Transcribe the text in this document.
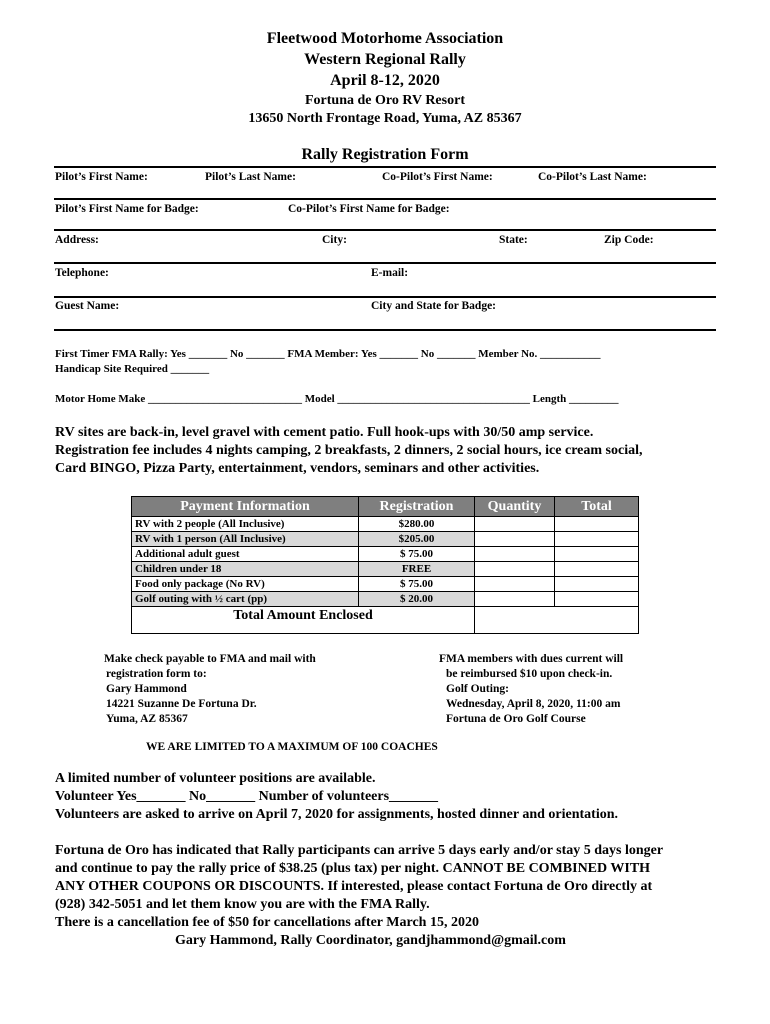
Fleetwood Motorhome Association
Western Regional Rally
April 8-12, 2020
Fortuna de Oro RV Resort
13650 North Frontage Road, Yuma, AZ 85367
Rally Registration Form
Pilot’s First Name:	Pilot’s Last Name:	Co-Pilot’s First Name:	Co-Pilot’s Last Name:
Pilot’s First Name for Badge:	Co-Pilot’s First Name for Badge:
Address:	City:	State:	Zip Code:
Telephone:	E-mail:
Guest Name:	City and State for Badge:
First Timer FMA Rally: Yes _______ No _______ FMA Member: Yes _______ No _______ Member No. ___________
Handicap Site Required _______
Motor Home Make ____________________________ Model ___________________________________ Length _________
RV sites are back-in, level gravel with cement patio. Full hook-ups with 30/50 amp service.
Registration fee includes 4 nights camping, 2 breakfasts, 2 dinners, 2 social hours, ice cream social,
Card BINGO, Pizza Party, entertainment, vendors, seminars and other activities.
Payment Information	Registration	Quantity	Total
RV with 2 people (All Inclusive)	$280.00		
RV with 1 person (All Inclusive)	$205.00		
Additional adult guest	$ 75.00		
Children under 18	FREE		
Food only package (No RV)	$ 75.00		
Golf outing with ½ cart (pp)	$ 20.00		
Total Amount Enclosed			
Make check payable to FMA and mail with
registration form to:
Gary Hammond
14221 Suzanne De Fortuna Dr.
Yuma, AZ 85367
FMA members with dues current will
be reimbursed $10 upon check-in.
Golf Outing:
Wednesday, April 8, 2020, 11:00 am
Fortuna de Oro Golf Course
WE ARE LIMITED TO A MAXIMUM OF 100 COACHES
A limited number of volunteer positions are available.
Volunteer Yes_______ No_______ Number of volunteers_______
Volunteers are asked to arrive on April 7, 2020 for assignments, hosted dinner and orientation.
Fortuna de Oro has indicated that Rally participants can arrive 5 days early and/or stay 5 days longer
and continue to pay the rally price of $38.25 (plus tax) per night. CANNOT BE COMBINED WITH
ANY OTHER COUPONS OR DISCOUNTS. If interested, please contact Fortuna de Oro directly at
(928) 342-5051 and let them know you are with the FMA Rally.
There is a cancellation fee of $50 for cancellations after March 15, 2020
Gary Hammond, Rally Coordinator, gandjhammond@gmail.com
